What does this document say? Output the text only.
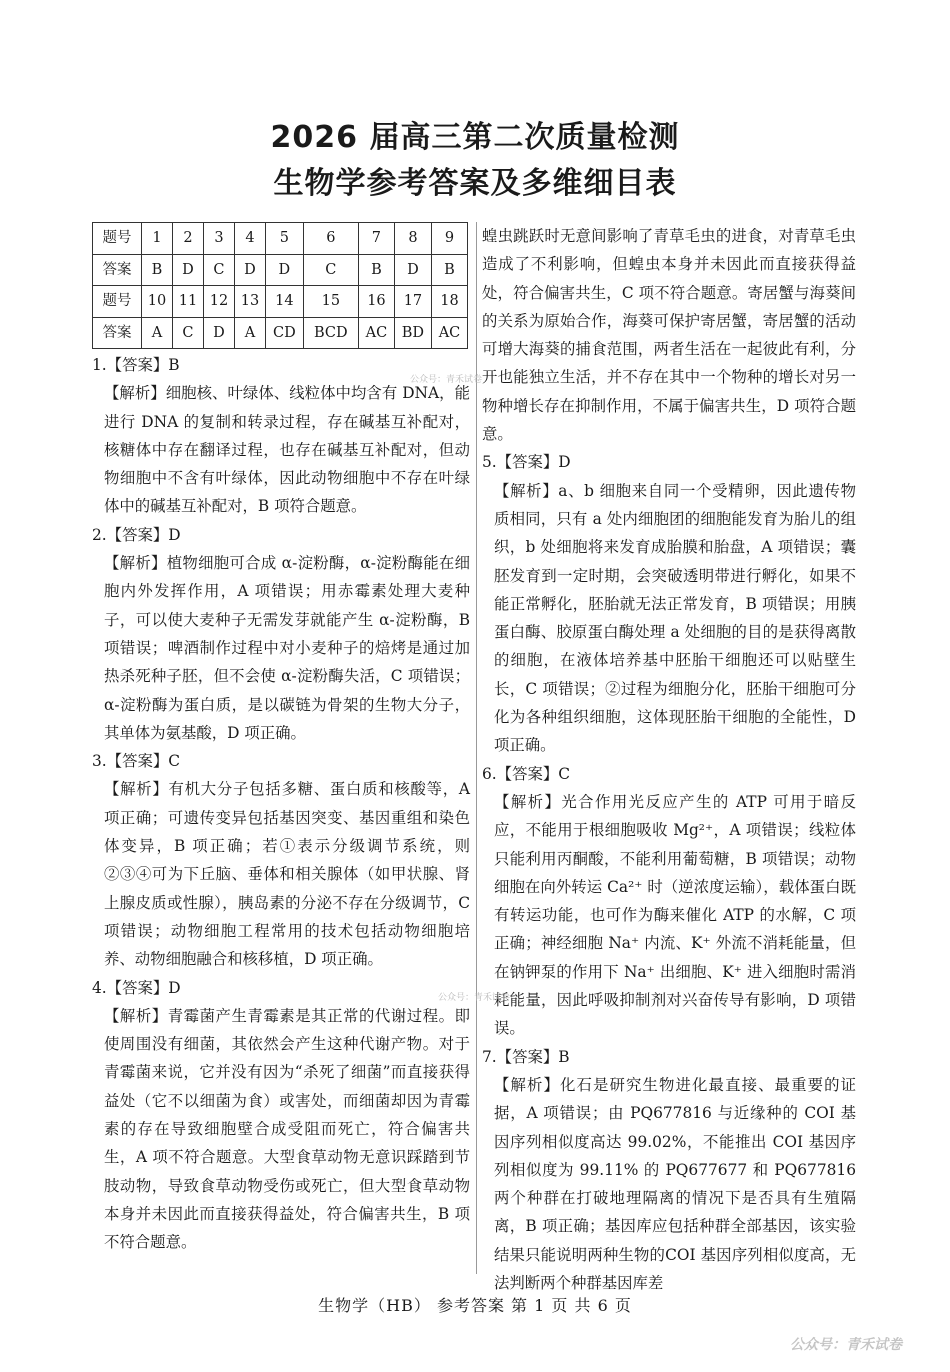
2026 届高三第二次质量检测
生物学参考答案及多维细目表
题号	1	2	3	4	5	6	7	8	9
答案	B	D	C	D	D	C	B	D	B
题号	10	11	12	13	14	15	16	17	18
答案	A	C	D	A	CD	BCD	AC	BD	AC
1.【答案】B
【解析】细胞核、叶绿体、线粒体中均含有 DNA，能进行 DNA 的复制和转录过程，存在碱基互补配对，核糖体中存在翻译过程，也存在碱基互补配对，但动物细胞中不含有叶绿体，因此动物细胞中不存在叶绿体中的碱基互补配对，B 项符合题意。
2.【答案】D
【解析】植物细胞可合成 α-淀粉酶，α-淀粉酶能在细胞内外发挥作用，A 项错误；用赤霉素处理大麦种子，可以使大麦种子无需发芽就能产生 α-淀粉酶，B 项错误；啤酒制作过程中对小麦种子的焙烤是通过加热杀死种子胚，但不会使 α-淀粉酶失活，C 项错误；α-淀粉酶为蛋白质，是以碳链为骨架的生物大分子，其单体为氨基酸，D 项正确。
3.【答案】C
【解析】有机大分子包括多糖、蛋白质和核酸等，A 项正确；可遗传变异包括基因突变、基因重组和染色体变异，B 项正确；若①表示分级调节系统，则②③④可为下丘脑、垂体和相关腺体（如甲状腺、肾上腺皮质或性腺），胰岛素的分泌不存在分级调节，C 项错误；动物细胞工程常用的技术包括动物细胞培养、动物细胞融合和核移植，D 项正确。
4.【答案】D
【解析】青霉菌产生青霉素是其正常的代谢过程。即使周围没有细菌，其依然会产生这种代谢产物。对于青霉菌来说，它并没有因为“杀死了细菌”而直接获得益处（它不以细菌为食）或害处，而细菌却因为青霉素的存在导致细胞壁合成受阻而死亡，符合偏害共生，A 项不符合题意。大型食草动物无意识踩踏到节肢动物，导致食草动物受伤或死亡，但大型食草动物本身并未因此而直接获得益处，符合偏害共生，B 项不符合题意。
蝗虫跳跃时无意间影响了青草毛虫的进食，对青草毛虫造成了不利影响，但蝗虫本身并未因此而直接获得益处，符合偏害共生，C 项不符合题意。寄居蟹与海葵间的关系为原始合作，海葵可保护寄居蟹，寄居蟹的活动可增大海葵的捕食范围，两者生活在一起彼此有利，分开也能独立生活，并不存在其中一个物种的增长对另一物种增长存在抑制作用，不属于偏害共生，D 项符合题意。
5.【答案】D
【解析】a、b 细胞来自同一个受精卵，因此遗传物质相同，只有 a 处内细胞团的细胞能发育为胎儿的组织，b 处细胞将来发育成胎膜和胎盘，A 项错误；囊胚发育到一定时期，会突破透明带进行孵化，如果不能正常孵化，胚胎就无法正常发育，B 项错误；用胰蛋白酶、胶原蛋白酶处理 a 处细胞的目的是获得离散的细胞，在液体培养基中胚胎干细胞还可以贴壁生长，C 项错误；②过程为细胞分化，胚胎干细胞可分化为各种组织细胞，这体现胚胎干细胞的全能性，D 项正确。
6.【答案】C
【解析】光合作用光反应产生的 ATP 可用于暗反应，不能用于根细胞吸收 Mg²⁺，A 项错误；线粒体只能利用丙酮酸，不能利用葡萄糖，B 项错误；动物细胞在向外转运 Ca²⁺ 时（逆浓度运输），载体蛋白既有转运功能，也可作为酶来催化 ATP 的水解，C 项正确；神经细胞 Na⁺ 内流、K⁺ 外流不消耗能量，但在钠钾泵的作用下 Na⁺ 出细胞、K⁺ 进入细胞时需消耗能量，因此呼吸抑制剂对兴奋传导有影响，D 项错误。
7.【答案】B
【解析】化石是研究生物进化最直接、最重要的证据，A 项错误；由 PQ677816 与近缘种的 COI 基因序列相似度高达 99.02%，不能推出 COI 基因序列相似度为 99.11% 的 PQ677677 和 PQ677816 两个种群在打破地理隔离的情况下是否具有生殖隔离，B 项正确；基因库应包括种群全部基因，该实验结果只能说明两种生物的COI 基因序列相似度高，无法判断两个种群基因库差
公众号：青禾试卷
公众号：青禾试卷
公众号：青禾试卷
生物学（HB） 参考答案 第 1 页 共 6 页
